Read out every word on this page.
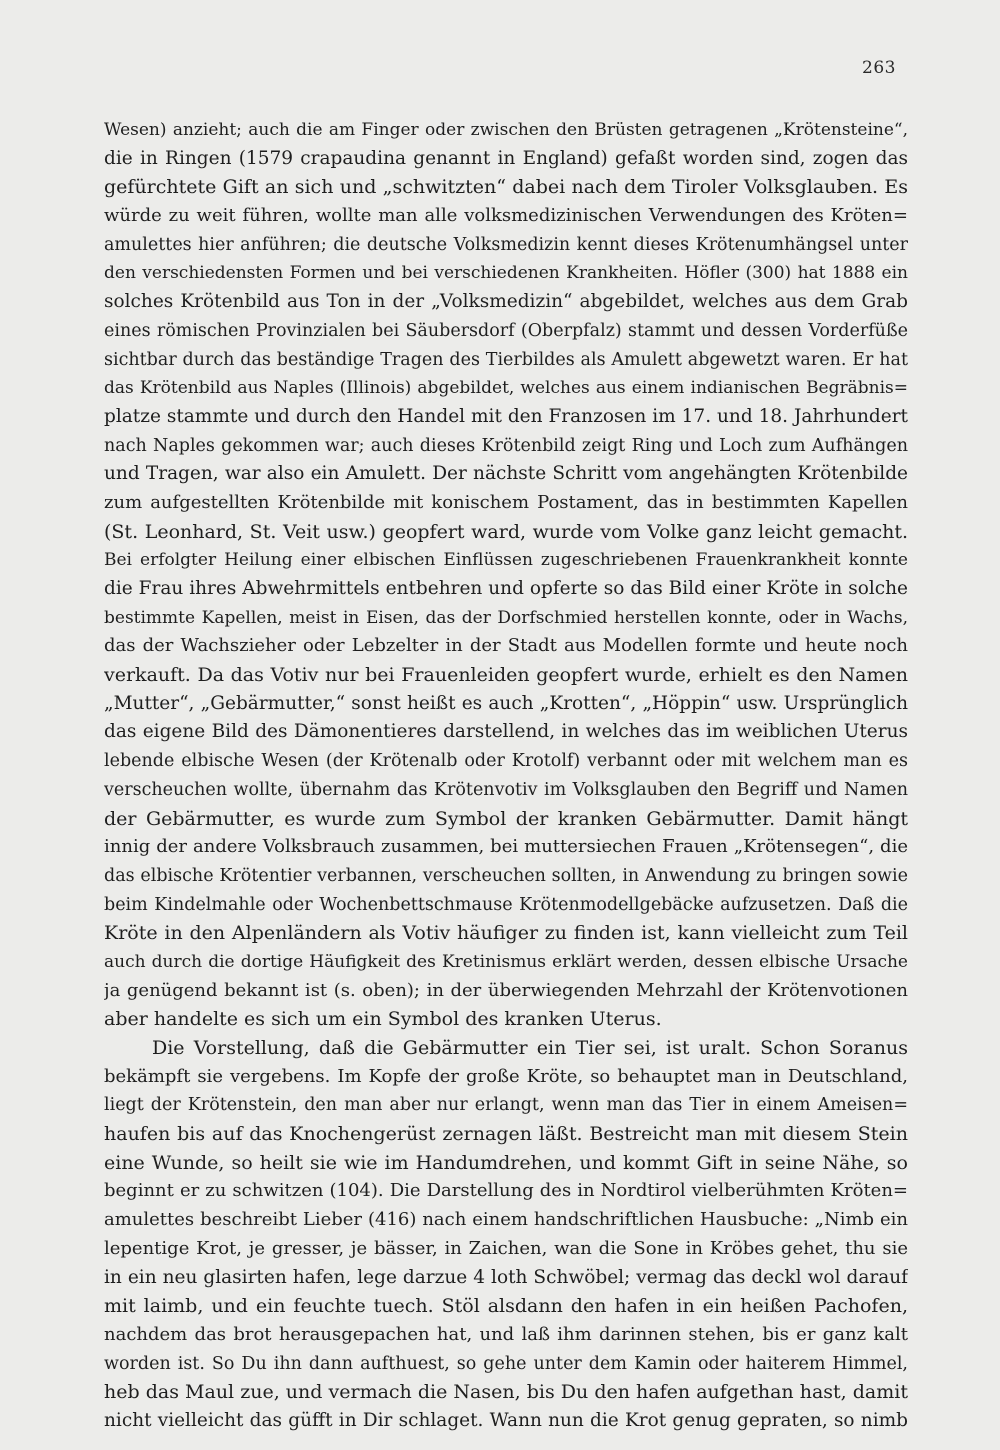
263
Wesen) anzieht; auch die am Finger oder zwischen den Brüsten getragenen „Krötensteine“,
die in Ringen (1579 crapaudina genannt in England) gefaßt worden sind, zogen das
gefürchtete Gift an sich und „schwitzten“ dabei nach dem Tiroler Volksglauben. Es
würde zu weit führen, wollte man alle volksmedizinischen Verwendungen des Kröten=
amulettes hier anführen; die deutsche Volksmedizin kennt dieses Krötenumhängsel unter
den verschiedensten Formen und bei verschiedenen Krankheiten. Höfler (300) hat 1888 ein
solches Krötenbild aus Ton in der „Volksmedizin“ abgebildet, welches aus dem Grab
eines römischen Provinzialen bei Säubersdorf (Oberpfalz) stammt und dessen Vorderfüße
sichtbar durch das beständige Tragen des Tierbildes als Amulett abgewetzt waren. Er hat
das Krötenbild aus Naples (Illinois) abgebildet, welches aus einem indianischen Begräbnis=
platze stammte und durch den Handel mit den Franzosen im 17. und 18. Jahrhundert
nach Naples gekommen war; auch dieses Krötenbild zeigt Ring und Loch zum Aufhängen
und Tragen, war also ein Amulett. Der nächste Schritt vom angehängten Krötenbilde
zum aufgestellten Krötenbilde mit konischem Postament, das in bestimmten Kapellen
(St. Leonhard, St. Veit usw.) geopfert ward, wurde vom Volke ganz leicht gemacht.
Bei erfolgter Heilung einer elbischen Einflüssen zugeschriebenen Frauenkrankheit konnte
die Frau ihres Abwehrmittels entbehren und opferte so das Bild einer Kröte in solche
bestimmte Kapellen, meist in Eisen, das der Dorfschmied herstellen konnte, oder in Wachs,
das der Wachszieher oder Lebzelter in der Stadt aus Modellen formte und heute noch
verkauft. Da das Votiv nur bei Frauenleiden geopfert wurde, erhielt es den Namen
„Mutter“, „Gebärmutter,“ sonst heißt es auch „Krotten“, „Höppin“ usw. Ursprünglich
das eigene Bild des Dämonentieres darstellend, in welches das im weiblichen Uterus
lebende elbische Wesen (der Krötenalb oder Krotolf) verbannt oder mit welchem man es
verscheuchen wollte, übernahm das Krötenvotiv im Volksglauben den Begriff und Namen
der Gebärmutter, es wurde zum Symbol der kranken Gebärmutter. Damit hängt
innig der andere Volksbrauch zusammen, bei muttersiechen Frauen „Krötensegen“, die
das elbische Krötentier verbannen, verscheuchen sollten, in Anwendung zu bringen sowie
beim Kindelmahle oder Wochenbettschmause Krötenmodellgebäcke aufzusetzen. Daß die
Kröte in den Alpenländern als Votiv häufiger zu finden ist, kann vielleicht zum Teil
auch durch die dortige Häufigkeit des Kretinismus erklärt werden, dessen elbische Ursache
ja genügend bekannt ist (s. oben); in der überwiegenden Mehrzahl der Krötenvotionen
aber handelte es sich um ein Symbol des kranken Uterus.
Die Vorstellung, daß die Gebärmutter ein Tier sei, ist uralt. Schon Soranus
bekämpft sie vergebens. Im Kopfe der große Kröte, so behauptet man in Deutschland,
liegt der Krötenstein, den man aber nur erlangt, wenn man das Tier in einem Ameisen=
haufen bis auf das Knochengerüst zernagen läßt. Bestreicht man mit diesem Stein
eine Wunde, so heilt sie wie im Handumdrehen, und kommt Gift in seine Nähe, so
beginnt er zu schwitzen (104). Die Darstellung des in Nordtirol vielberühmten Kröten=
amulettes beschreibt Lieber (416) nach einem handschriftlichen Hausbuche: „Nimb ein
lepentige Krot, je gresser, je bässer, in Zaichen, wan die Sone in Kröbes gehet, thu sie
in ein neu glasirten hafen, lege darzue 4 loth Schwöbel; vermag das deckl wol darauf
mit laimb, und ein feuchte tuech. Stöl alsdann den hafen in ein heißen Pachofen,
nachdem das brot herausgepachen hat, und laß ihm darinnen stehen, bis er ganz kalt
worden ist. So Du ihn dann aufthuest, so gehe unter dem Kamin oder haiterem Himmel,
heb das Maul zue, und vermach die Nasen, bis Du den hafen aufgethan hast, damit
nicht vielleicht das güfft in Dir schlaget. Wann nun die Krot genug gepraten, so nimb
